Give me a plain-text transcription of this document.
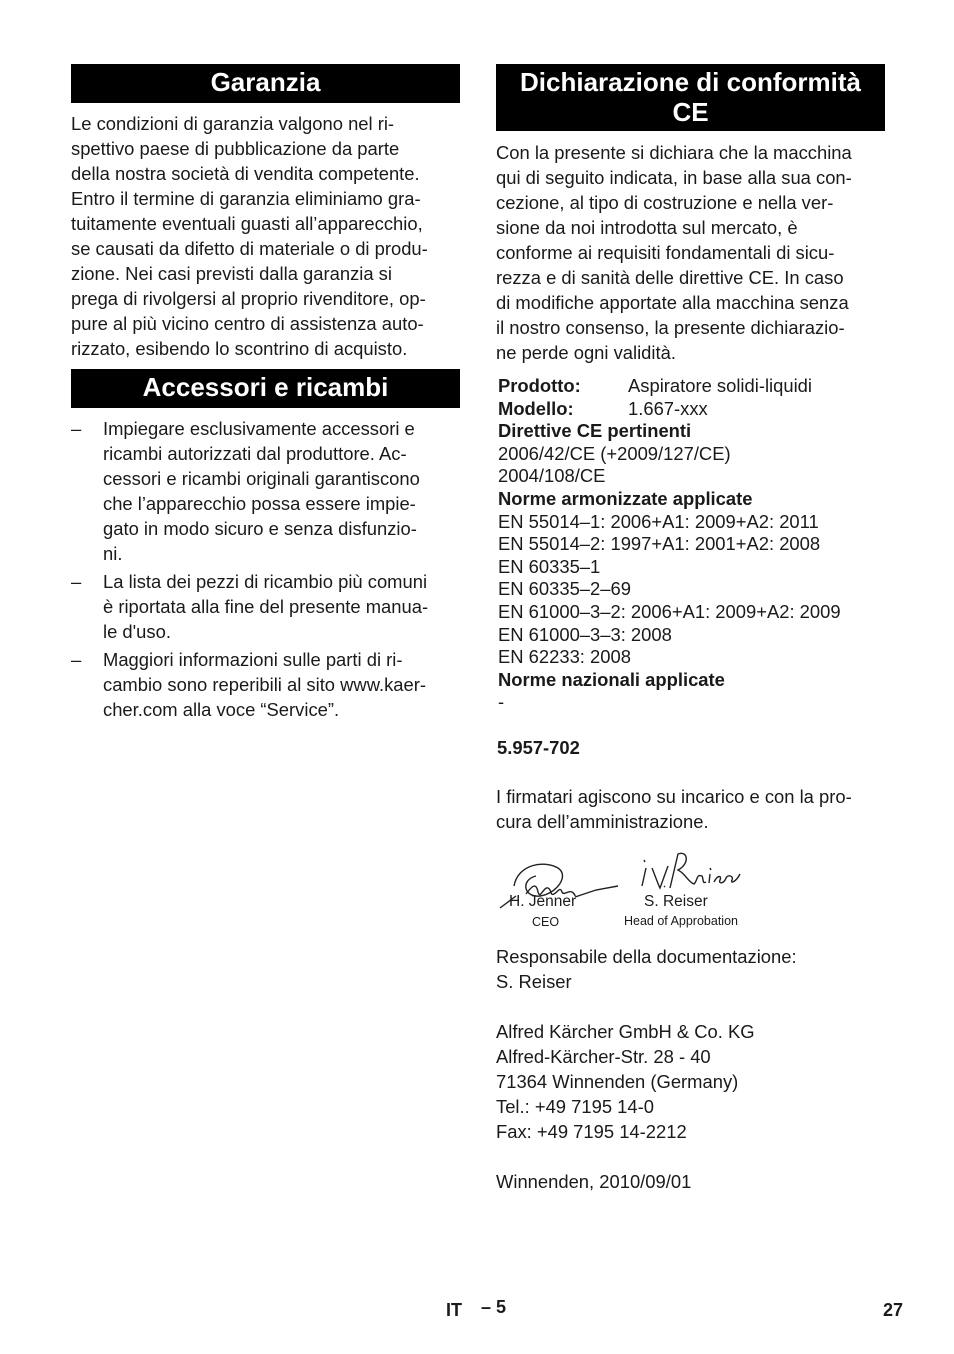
Garanzia

Le condizioni di garanzia valgono nel ri-
spettivo paese di pubblicazione da parte
della nostra società di vendita competente.
Entro il termine di garanzia eliminiamo gra-
tuitamente eventuali guasti all’apparecchio,
se causati da difetto di materiale o di produ-
zione. Nei casi previsti dalla garanzia si
prega di rivolgersi al proprio rivenditore, op-
pure al più vicino centro di assistenza auto-
rizzato, esibendo lo scontrino di acquisto.

Accessori e ricambi
– Impiegare esclusivamente accessori e
ricambi autorizzati dal produttore. Ac-
cessori e ricambi originali garantiscono
che l’apparecchio possa essere impie-
gato in modo sicuro e senza disfunzio-
ni.
– La lista dei pezzi di ricambio più comuni
è riportata alla fine del presente manua-
le d'uso.
– Maggiori informazioni sulle parti di ri-
cambio sono reperibili al sito www.kaer-
cher.com alla voce “Service”.
Dichiarazione di conformità
CE

Con la presente si dichiara che la macchina
qui di seguito indicata, in base alla sua con-
cezione, al tipo di costruzione e nella ver-
sione da noi introdotta sul mercato, è
conforme ai requisiti fondamentali di sicu-
rezza e di sanità delle direttive CE. In caso
di modifiche apportate alla macchina senza
il nostro consenso, la presente dichiarazio-
ne perde ogni validità.

Prodotto:	Aspiratore solidi-liquidi
Modello:	1.667-xxx
Direttive CE pertinenti
2006/42/CE (+2009/127/CE)
2004/108/CE
Norme armonizzate applicate
EN 55014–1: 2006+A1: 2009+A2: 2011
EN 55014–2: 1997+A1: 2001+A2: 2008
EN 60335–1
EN 60335–2–69
EN 61000–3–2: 2006+A1: 2009+A2: 2009
EN 61000–3–3: 2008
EN 62233: 2008
Norme nazionali applicate
-
5.957-702

I firmatari agiscono su incarico e con la pro-
cura dell’amministrazione.

H. Jenner
CEO
S. Reiser
Head of Approbation

Responsabile della documentazione:
S. Reiser

Alfred Kärcher GmbH & Co. KG
Alfred-Kärcher-Str. 28 - 40
71364 Winnenden (Germany)
Tel.: +49 7195 14-0
Fax: +49 7195 14-2212

Winnenden, 2010/09/01

IT – 5	27
